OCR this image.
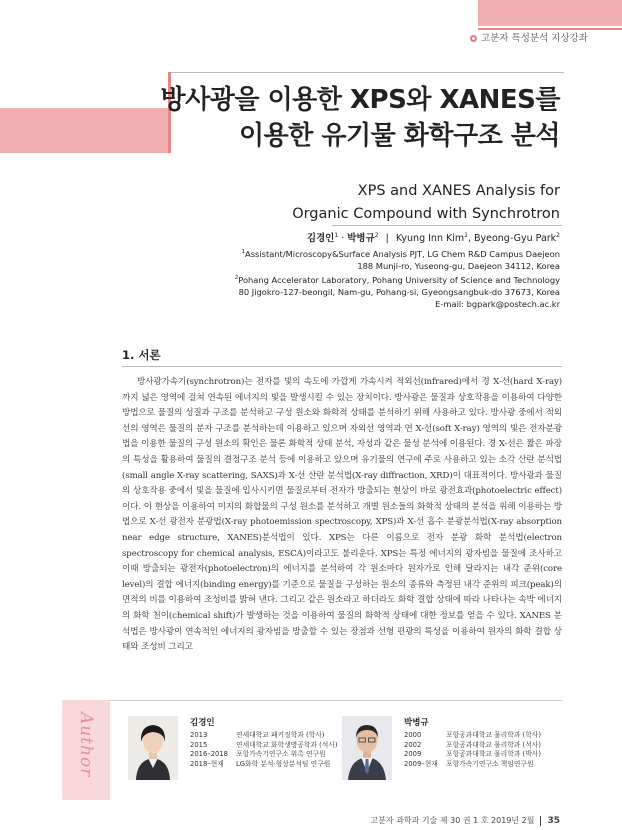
고분자 특성분석 지상강좌
방사광을 이용한 XPS와 XANES를
이용한 유기물 화학구조 분석
XPS and XANES Analysis for
Organic Compound with Synchrotron
김경인$^1$ · 박병규$^2$ | Kyung Inn Kim$^1$, Byeong-Gyu Park$^2$
$^1$Assistant/Microscopy&Surface Analysis PJT, LG Chem R&D Campus Daejeon
188 Munji-ro, Yuseong-gu, Daejeon 34112, Korea
$^2$Pohang Accelerator Laboratory, Pohang University of Science and Technology
80 Jigokro-127-beongil, Nam-gu, Pohang-si, Gyeongsangbuk-do 37673, Korea
E-mail: bgpark@postech.ac.kr
1. 서론
방사광가속기(synchrotron)는 전자를 빛의 속도에 가깝게 가속시켜 적외선(infrared)에서 경 X-선(hard X-ray)까지 넓은 영역에 걸쳐 연속된 에너지의 빛을 발생시킬 수 있는 장치이다. 방사광은 물질과 상호작용을 이용하여 다양한 방법으로 물질의 성질과 구조를 분석하고 구성 원소와 화학적 상태를 분석하기 위해 사용하고 있다. 방사광 중에서 적외선의 영역은 물질의 분자 구조를 분석하는데 이용하고 있으며 자외선 영역과 연 X-선(soft X-ray) 영역의 빛은 전자분광법을 이용한 물질의 구성 원소의 확인은 물론 화학적 상태 분석, 자성과 같은 물성 분석에 이용된다. 경 X-선은 짧은 파장의 특성을 활용하여 물질의 결정구조 분석 등에 이용하고 있으며 유기물의 연구에 주로 사용하고 있는 소각 산란 분석법(small angle X-ray scattering, SAXS)과 X-선 산란 분석법(X-ray diffraction, XRD)이 대표적이다. 방사광과 물질의 상호작용 중에서 빛을 물질에 입사시키면 물질로부터 전자가 방출되는 현상이 바로 광전효과(photoelectric effect)이다. 이 현상을 이용하여 미지의 화합물의 구성 원소를 분석하고 개별 원소들의 화학적 상태의 분석을 위해 이용하는 방법으로 X-선 광전자 분광법(X-ray photoemission spectroscopy, XPS)과 X-선 흡수 분광분석법(X-ray absorption near edge structure, XANES)분석법이 있다. XPS는 다른 이름으로 전자 분광 화학 분석법(electron spectroscopy for chemical analysis, ESCA)이라고도 불리운다. XPS는 특정 에너지의 광자빔을 물질에 조사하고 이때 방출되는 광전자(photoelectron)의 에너지를 분석하여 각 원소마다 원자가로 인해 달라지는 내각 준위(core level)의 결합 에너지(binding energy)를 기준으로 물질을 구성하는 원소의 종류와 측정된 내각 준위의 피크(peak)의 면적의 비를 이용하여 조성비를 밝혀 낸다. 그리고 같은 원소라고 하더라도 화학 결합 상태에 따라 나타나는 속박 에너지의 화학 천이(chemical shift)가 발생하는 것을 이용하여 물질의 화학적 상태에 대한 정보를 얻을 수 있다. XANES 분석법은 방사광이 연속적인 에너지의 광자빔을 방출할 수 있는 장점과 선형 편광의 특성을 이용하여 원자의 화학 결합 상태와 조성비 그리고
Author	김경인
2013	연세대학교 패키징학과 (학사)
2015	연세대학교 화학생명공학과 (석사)
2016–2018	포항가속기연구소 위촉 연구원
2018–현재	LG화학 분석·형상분석팀 연구원
박병규
2000	포항공과대학교 물리학과 (학사)
2002	포항공과대학교 물리학과 (석사)
2009	포항공과대학교 물리학과 (박사)
2009–현재	포항가속기연구소 책임연구원
고분자 과학과 기술 제 30 권 1 호 2019년 2월 35
